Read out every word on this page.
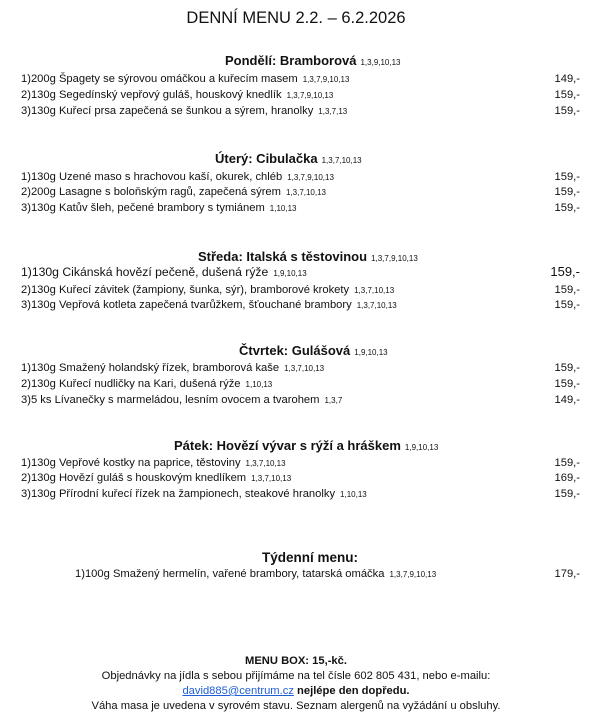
DENNÍ MENU 2.2. – 6.2.2026
Pondělí: Bramborová 1,3,9,10,13
1)200g Špagety se sýrovou omáčkou a kuřecím masem 1,3,7,9,10,13	149,-
2)130g Segedínský vepřový guláš, houskový knedlík 1,3,7,9,10,13	159,-
3)130g Kuřecí prsa zapečená se šunkou a sýrem, hranolky 1,3,7,13	159,-
Úterý: Cibulačka 1,3,7,10,13
1)130g Uzené maso s hrachovou kaší, okurek, chléb 1,3,7,9,10,13	159,-
2)200g Lasagne s boloňským ragů, zapečená sýrem 1,3,7,10,13	159,-
3)130g Katův šleh, pečené brambory s tymiánem 1,10,13	159,-
Středa: Italská s těstovinou 1,3,7,9,10,13
1)130g Cikánská hovězí pečeně, dušená rýže 1,9,10,13	159,-
2)130g Kuřecí závitek (žampiony, šunka, sýr), bramborové krokety 1,3,7,10,13	159,-
3)130g Vepřová kotleta zapečená tvarůžkem, šťouchané brambory 1,3,7,10,13	159,-
Čtvrtek: Gulášová 1,9,10,13
1)130g Smažený holandský řízek, bramborová kaše 1,3,7,10,13	159,-
2)130g Kuřecí nudličky na Kari, dušená rýže 1,10,13	159,-
3)5 ks Lívanečky s marmeládou, lesním ovocem a tvarohem 1,3,7	149,-
Pátek: Hovězí vývar s rýží a hráškem 1,9,10,13
1)130g Vepřové kostky na paprice, těstoviny 1,3,7,10,13	159,-
2)130g Hovězí guláš s houskovým knedlíkem 1,3,7,10,13	169,-
3)130g Přírodní kuřecí řízek na žampionech, steakové hranolky 1,10,13	159,-
Týdenní menu:
1)100g Smažený hermelín, vařené brambory, tatarská omáčka 1,3,7,9,10,13	179,-
MENU BOX: 15,-kč.
Objednávky na jídla s sebou přijímáme na tel čísle 602 805 431, nebo e-mailu:
david885@centrum.cz nejlépe den dopředu.
Váha masa je uvedena v syrovém stavu. Seznam alergenů na vyžádání u obsluhy.
